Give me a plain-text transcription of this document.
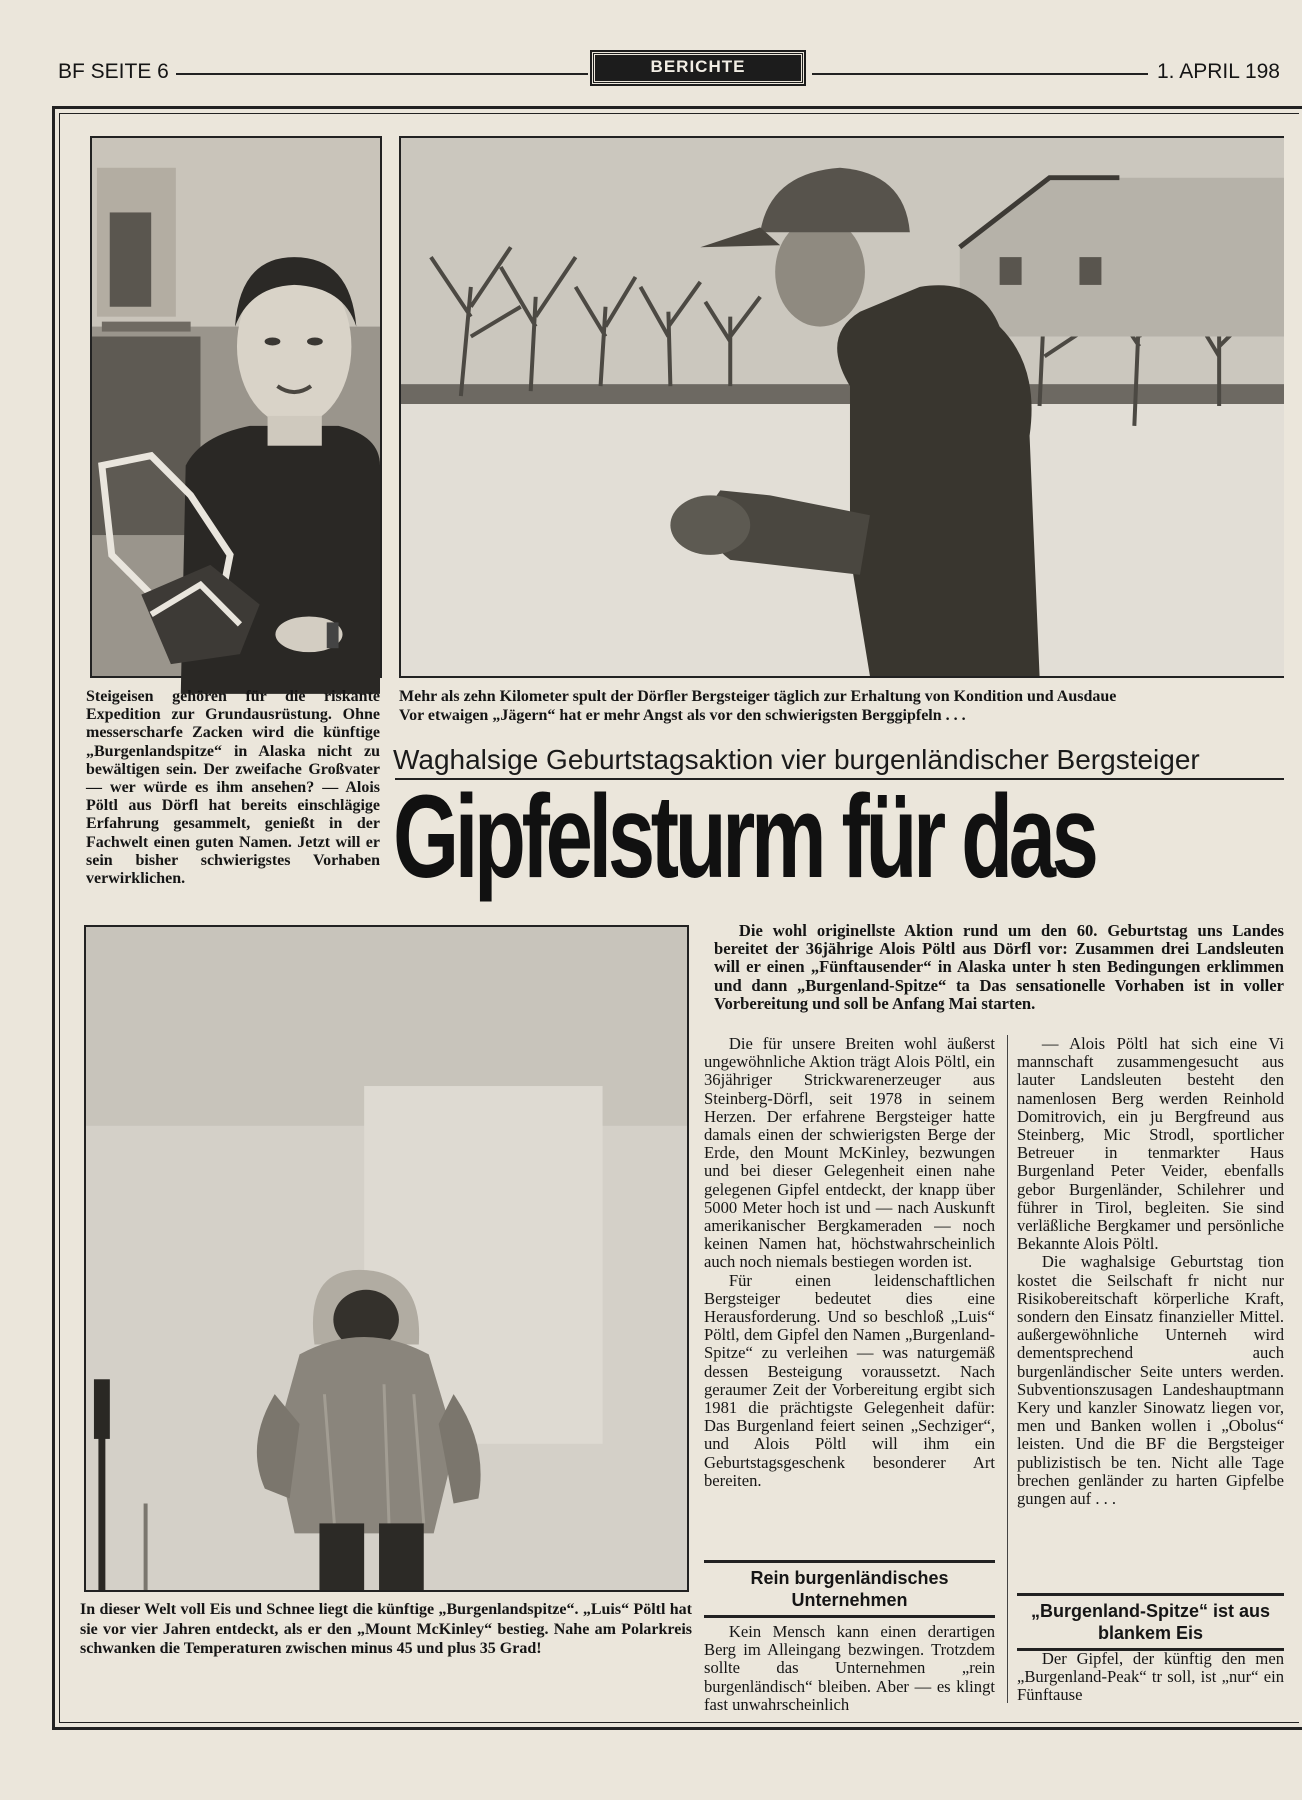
BF SEITE 6	BERICHTE	1. APRIL 198
Steigeisen gehören für die riskante Expedition zur Grundausrüstung. Ohne messerscharfe Zacken wird die künftige „Burgenlandspitze“ in Alaska nicht zu bewältigen sein. Der zweifache Großvater — wer würde es ihm ansehen? — Alois Pöltl aus Dörfl hat bereits einschlägige Erfahrung gesammelt, genießt in der Fachwelt einen guten Namen. Jetzt will er sein bisher schwierigstes Vorhaben verwirklichen.
Mehr als zehn Kilometer spult der Dörfler Bergsteiger täglich zur Erhaltung von Kondition und Ausdaue
Vor etwaigen „Jägern“ hat er mehr Angst als vor den schwierigsten Berggipfeln . . .
Waghalsige Geburtstagsaktion vier burgenländischer Bergsteiger
Gipfelsturm für das
In dieser Welt voll Eis und Schnee liegt die künftige „Burgenlandspitze“. „Luis“ Pöltl hat sie vor vier Jahren entdeckt, als er den „Mount McKinley“ bestieg. Nahe am Polarkreis schwanken die Temperaturen zwischen minus 45 und plus 35 Grad!

Die wohl originellste Aktion rund um den 60. Geburtstag uns Landes bereitet der 36jährige Alois Pöltl aus Dörfl vor: Zusammen drei Landsleuten will er einen „Fünftausender“ in Alaska unter h sten Bedingungen erklimmen und dann „Burgenland-Spitze“ ta Das sensationelle Vorhaben ist in voller Vorbereitung und soll be Anfang Mai starten.

Die für unsere Breiten wohl äußerst ungewöhnliche Aktion trägt Alois Pöltl, ein 36jähriger Strickwarenerzeuger aus Steinberg-Dörfl, seit 1978 in seinem Herzen. Der erfahrene Bergsteiger hatte damals einen der schwierigsten Berge der Erde, den Mount McKinley, bezwungen und bei dieser Gelegenheit einen nahe gelegenen Gipfel entdeckt, der knapp über 5000 Meter hoch ist und — nach Auskunft amerikanischer Bergkameraden — noch keinen Namen hat, höchstwahrscheinlich auch noch niemals bestiegen worden ist.

Für einen leidenschaftlichen Bergsteiger bedeutet dies eine Herausforderung. Und so beschloß „Luis“ Pöltl, dem Gipfel den Namen „Burgenland-Spitze“ zu verleihen — was naturgemäß dessen Besteigung voraussetzt. Nach geraumer Zeit der Vorbereitung ergibt sich 1981 die prächtigste Gelegenheit dafür: Das Burgenland feiert seinen „Sechziger“, und Alois Pöltl will ihm ein Geburtstagsgeschenk besonderer Art bereiten.

Rein burgenländisches Unternehmen

Kein Mensch kann einen derartigen Berg im Alleingang bezwingen. Trotzdem sollte das Unternehmen „rein burgenländisch“ bleiben. Aber — es klingt fast unwahrscheinlich

— Alois Pöltl hat sich eine Vi mannschaft zusammengesucht aus lauter Landsleuten besteht den namenlosen Berg werden Reinhold Domitrovich, ein ju Bergfreund aus Steinberg, Mic Strodl, sportlicher Betreuer in tenmarkter Haus Burgenland Peter Veider, ebenfalls gebor Burgenländer, Schilehrer und führer in Tirol, begleiten. Sie sind verläßliche Bergkamer und persönliche Bekannte Alois Pöltl.

Die waghalsige Geburtstag tion kostet die Seilschaft fr nicht nur Risikobereitschaft körperliche Kraft, sondern den Einsatz finanzieller Mittel. außergewöhnliche Unterneh wird dementsprechend auch burgenländischer Seite unters werden. Subventionszusagen Landeshauptmann Kery und kanzler Sinowatz liegen vor, men und Banken wollen i „Obolus“ leisten. Und die BF die Bergsteiger publizistisch be ten. Nicht alle Tage brechen genländer zu harten Gipfelbe gungen auf . . .

„Burgenland-Spitze“ ist aus blankem Eis

Der Gipfel, der künftig den men „Burgenland-Peak“ tr soll, ist „nur“ ein Fünftause
